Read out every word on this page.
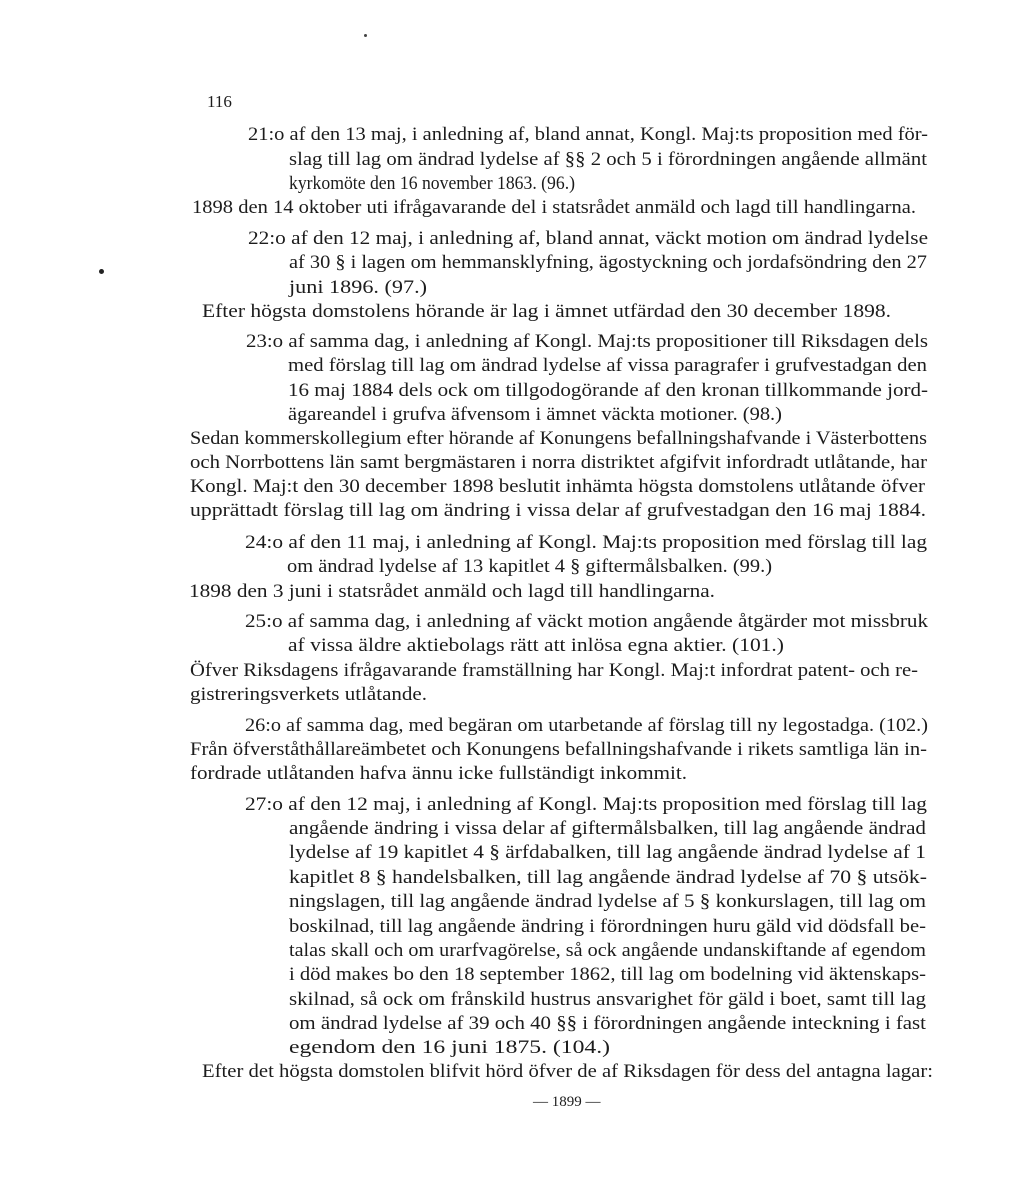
116
21:o af den 13 maj, i anledning af, bland annat, Kongl. Maj:ts proposition med för-
slag till lag om ändrad lydelse af §§ 2 och 5 i förordningen angående allmänt
kyrkomöte den 16 november 1863. (96.)
1898 den 14 oktober uti ifrågavarande del i statsrådet anmäld och lagd till handlingarna.
22:o af den 12 maj, i anledning af, bland annat, väckt motion om ändrad lydelse
af 30 § i lagen om hemmansklyfning, ägostyckning och jordafsöndring den 27
juni 1896. (97.)
Efter högsta domstolens hörande är lag i ämnet utfärdad den 30 december 1898.
23:o af samma dag, i anledning af Kongl. Maj:ts propositioner till Riksdagen dels
med förslag till lag om ändrad lydelse af vissa paragrafer i grufvestadgan den
16 maj 1884 dels ock om tillgodogörande af den kronan tillkommande jord-
ägareandel i grufva äfvensom i ämnet väckta motioner. (98.)
Sedan kommerskollegium efter hörande af Konungens befallningshafvande i Västerbottens
och Norrbottens län samt bergmästaren i norra distriktet afgifvit infordradt utlåtande, har
Kongl. Maj:t den 30 december 1898 beslutit inhämta högsta domstolens utlåtande öfver
upprättadt förslag till lag om ändring i vissa delar af grufvestadgan den 16 maj 1884.
24:o af den 11 maj, i anledning af Kongl. Maj:ts proposition med förslag till lag
om ändrad lydelse af 13 kapitlet 4 § giftermålsbalken. (99.)
1898 den 3 juni i statsrådet anmäld och lagd till handlingarna.
25:o af samma dag, i anledning af väckt motion angående åtgärder mot missbruk
af vissa äldre aktiebolags rätt att inlösa egna aktier. (101.)
Öfver Riksdagens ifrågavarande framställning har Kongl. Maj:t infordrat patent- och re-
gistreringsverkets utlåtande.
26:o af samma dag, med begäran om utarbetande af förslag till ny legostadga. (102.)
Från öfverståthållareämbetet och Konungens befallningshafvande i rikets samtliga län in-
fordrade utlåtanden hafva ännu icke fullständigt inkommit.
27:o af den 12 maj, i anledning af Kongl. Maj:ts proposition med förslag till lag
angående ändring i vissa delar af giftermålsbalken, till lag angående ändrad
lydelse af 19 kapitlet 4 § ärfdabalken, till lag angående ändrad lydelse af 1
kapitlet 8 § handelsbalken, till lag angående ändrad lydelse af 70 § utsök-
ningslagen, till lag angående ändrad lydelse af 5 § konkurslagen, till lag om
boskilnad, till lag angående ändring i förordningen huru gäld vid dödsfall be-
talas skall och om urarfvagörelse, så ock angående undanskiftande af egendom
i död makes bo den 18 september 1862, till lag om bodelning vid äktenskaps-
skilnad, så ock om frånskild hustrus ansvarighet för gäld i boet, samt till lag
om ändrad lydelse af 39 och 40 §§ i förordningen angående inteckning i fast
egendom den 16 juni 1875. (104.)
Efter det högsta domstolen blifvit hörd öfver de af Riksdagen för dess del antagna lagar:
— 1899 —
